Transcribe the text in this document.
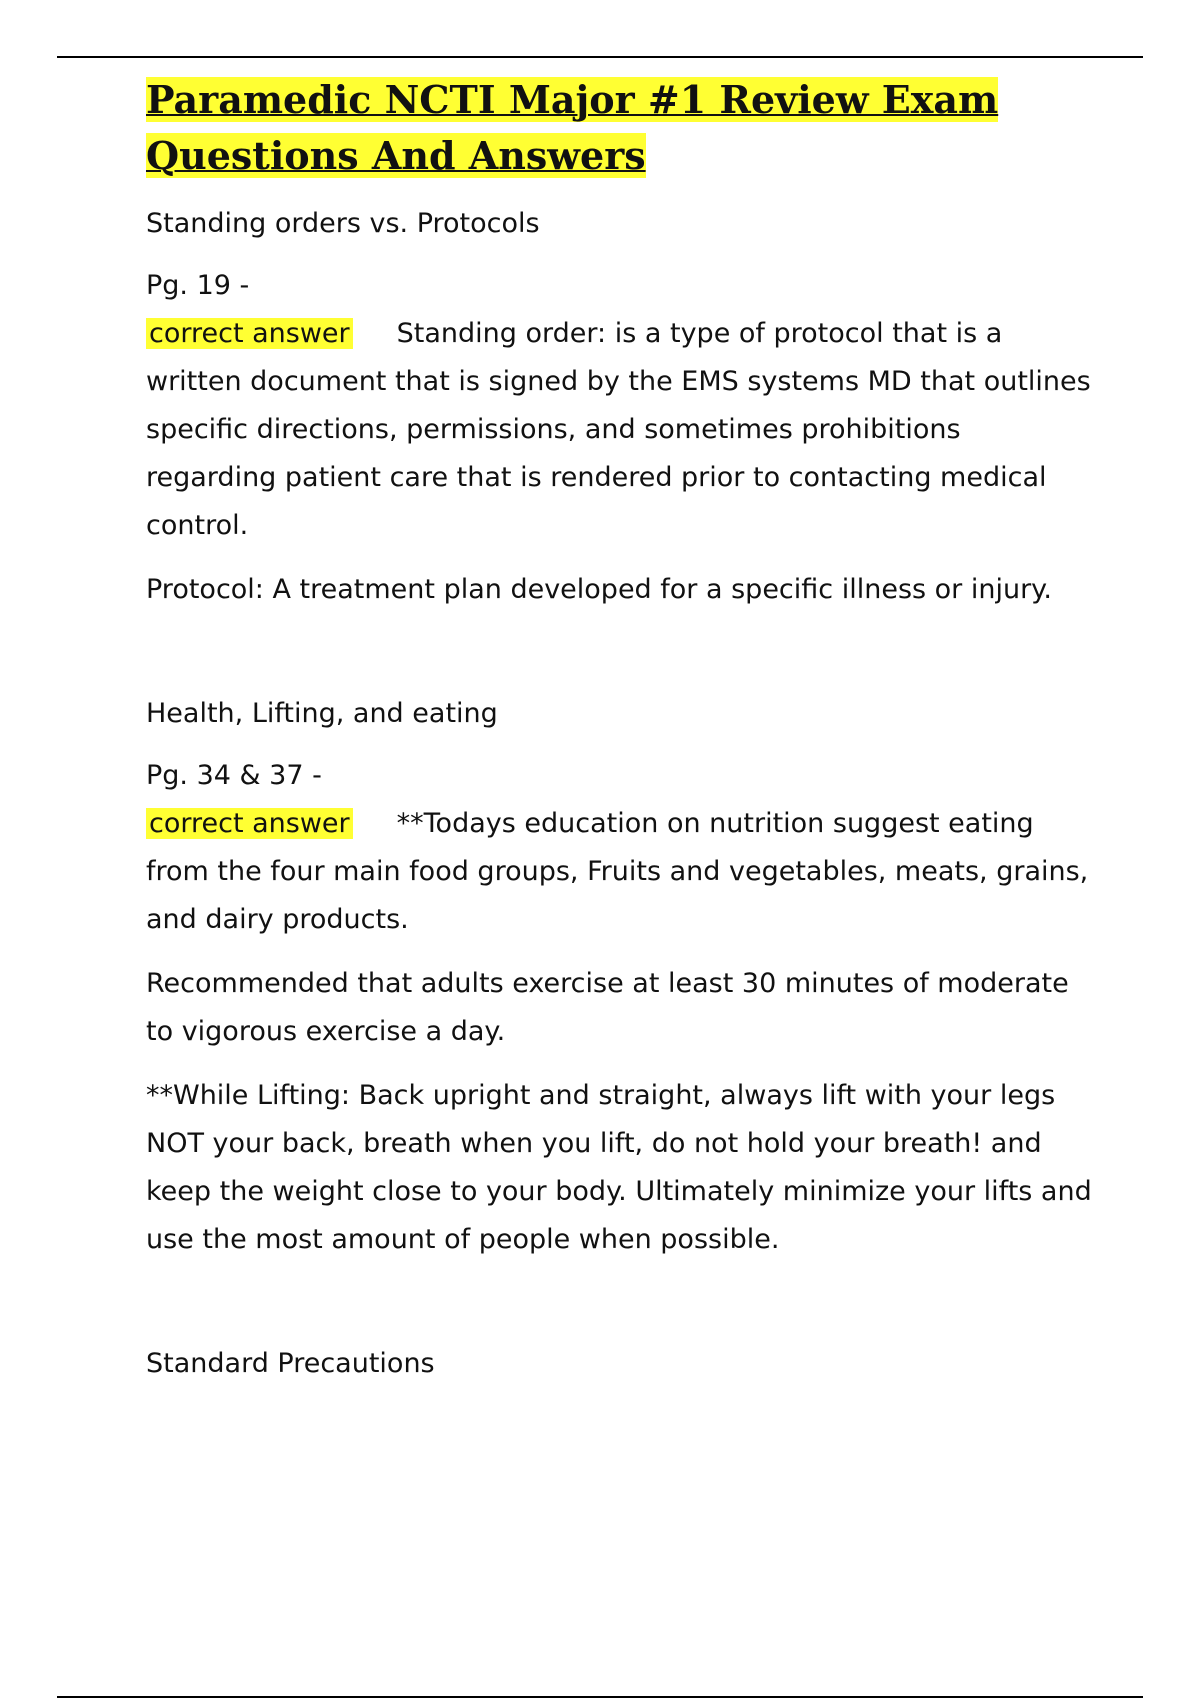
Paramedic NCTI Major #1 Review Exam
Questions And Answers

Standing orders vs. Protocols

Pg. 19 -

correct answer Standing order: is a type of protocol that is a written document that is signed by the EMS systems MD that outlines specific directions, permissions, and sometimes prohibitions regarding patient care that is rendered prior to contacting medical control.

Protocol: A treatment plan developed for a specific illness or injury.

Health, Lifting, and eating

Pg. 34 & 37 -

correct answer **Todays education on nutrition suggest eating from the four main food groups, Fruits and vegetables, meats, grains, and dairy products.

Recommended that adults exercise at least 30 minutes of moderate to vigorous exercise a day.

**While Lifting: Back upright and straight, always lift with your legs NOT your back, breath when you lift, do not hold your breath! and keep the weight close to your body. Ultimately minimize your lifts and use the most amount of people when possible.

Standard Precautions
